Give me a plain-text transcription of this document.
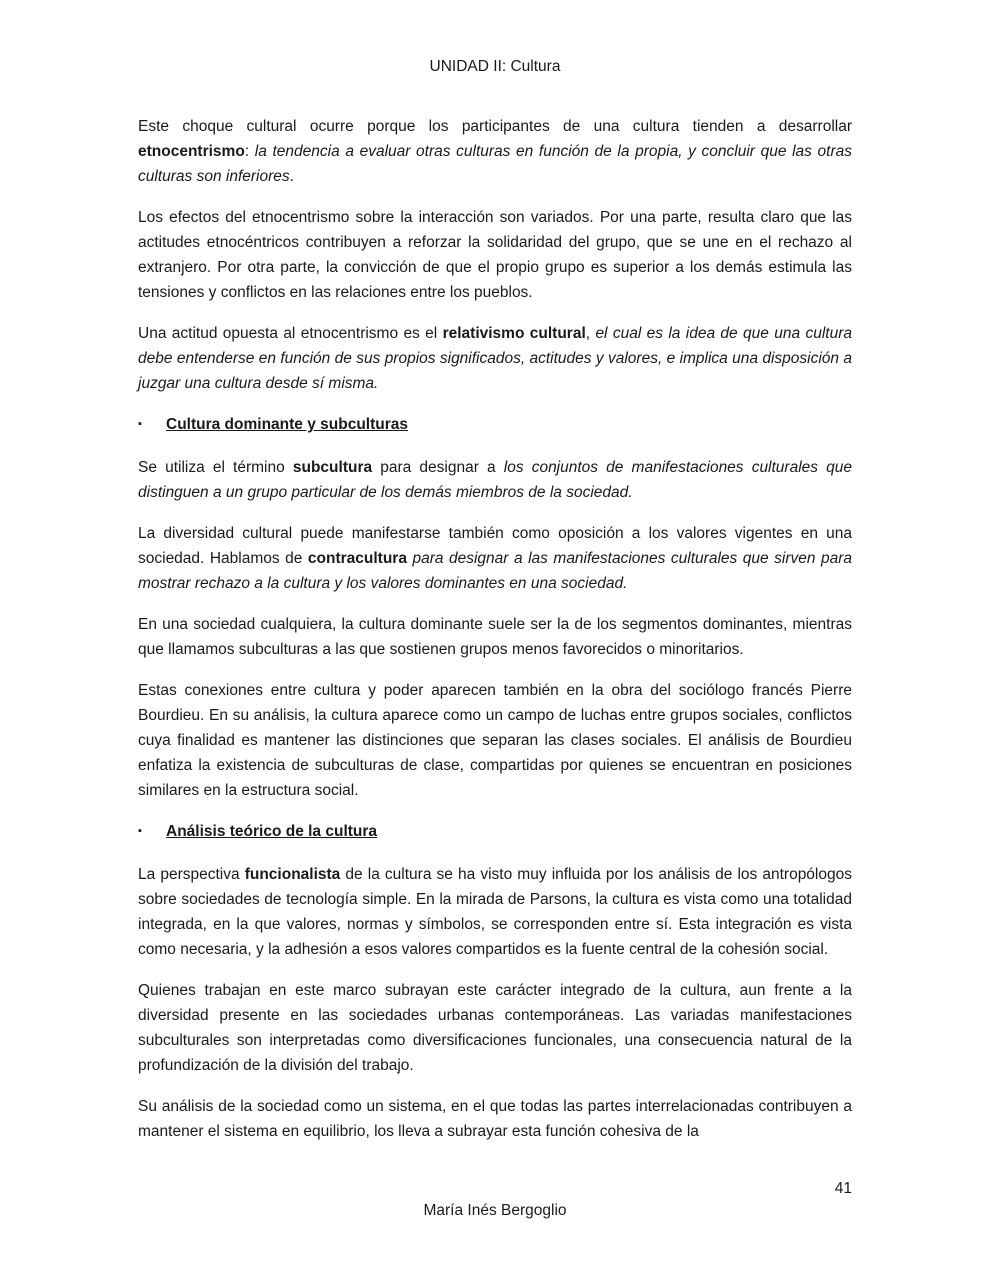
UNIDAD II: Cultura

Este choque cultural ocurre porque los participantes de una cultura tienden a desarrollar etnocentrismo: la tendencia a evaluar otras culturas en función de la propia, y concluir que las otras culturas son inferiores.

Los efectos del etnocentrismo sobre la interacción son variados. Por una parte, resulta claro que las actitudes etnocéntricos contribuyen a reforzar la solidaridad del grupo, que se une en el rechazo al extranjero. Por otra parte, la convicción de que el propio grupo es superior a los demás estimula las tensiones y conflictos en las relaciones entre los pueblos.

Una actitud opuesta al etnocentrismo es el relativismo cultural, el cual es la idea de que una cultura debe entenderse en función de sus propios significados, actitudes y valores, e implica una disposición a juzgar una cultura desde sí misma.

▪	Cultura dominante y subculturas

Se utiliza el término subcultura para designar a los conjuntos de manifestaciones culturales que distinguen a un grupo particular de los demás miembros de la sociedad.

La diversidad cultural puede manifestarse también como oposición a los valores vigentes en una sociedad. Hablamos de contracultura para designar a las manifestaciones culturales que sirven para mostrar rechazo a la cultura y los valores dominantes en una sociedad.

En una sociedad cualquiera, la cultura dominante suele ser la de los segmentos dominantes, mientras que llamamos subculturas a las que sostienen grupos menos favorecidos o minoritarios.

Estas conexiones entre cultura y poder aparecen también en la obra del sociólogo francés Pierre Bourdieu. En su análisis, la cultura aparece como un campo de luchas entre grupos sociales, conflictos cuya finalidad es mantener las distinciones que separan las clases sociales. El análisis de Bourdieu enfatiza la existencia de subculturas de clase, compartidas por quienes se encuentran en posiciones similares en la estructura social.

▪	Análisis teórico de la cultura

La perspectiva funcionalista de la cultura se ha visto muy influida por los análisis de los antropólogos sobre sociedades de tecnología simple. En la mirada de Parsons, la cultura es vista como una totalidad integrada, en la que valores, normas y símbolos, se corresponden entre sí. Esta integración es vista como necesaria, y la adhesión a esos valores compartidos es la fuente central de la cohesión social.

Quienes trabajan en este marco subrayan este carácter integrado de la cultura, aun frente a la diversidad presente en las sociedades urbanas contemporáneas. Las variadas manifestaciones subculturales son interpretadas como diversificaciones funcionales, una consecuencia natural de la profundización de la división del trabajo.

Su análisis de la sociedad como un sistema, en el que todas las partes interrelacionadas contribuyen a mantener el sistema en equilibrio, los lleva a subrayar esta función cohesiva de la

41
María Inés Bergoglio
